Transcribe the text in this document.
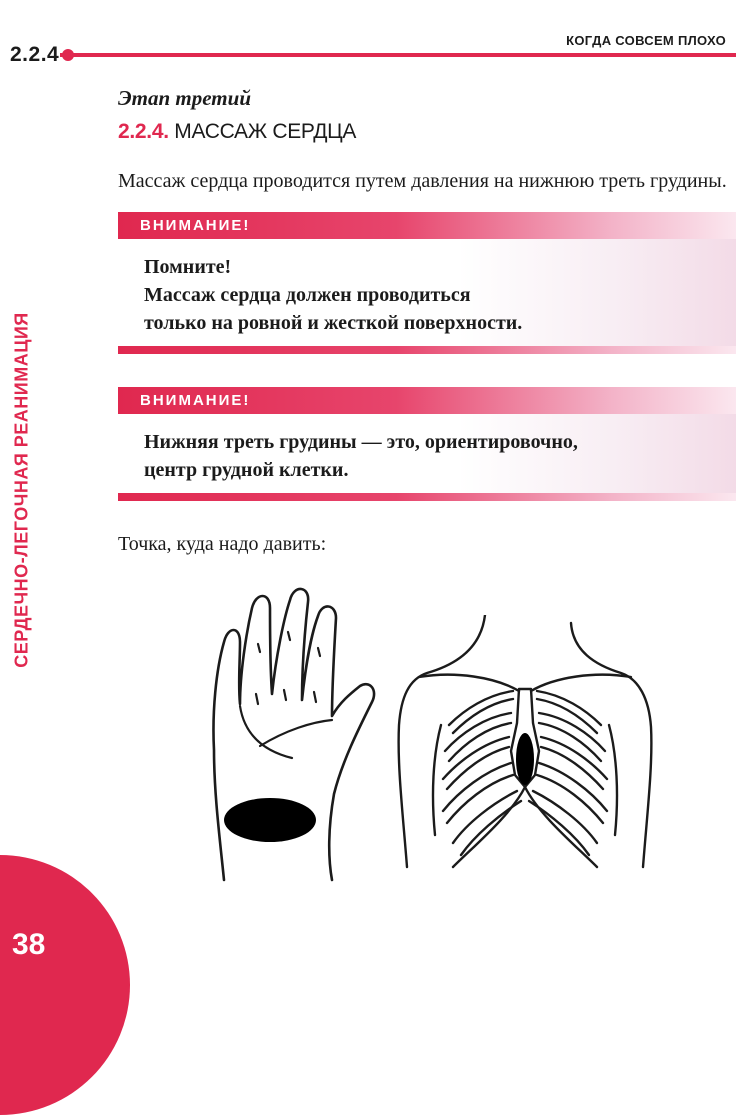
2.2.4
КОГДА СОВСЕМ ПЛОХО
Этап третий
2.2.4. МАССАЖ СЕРДЦА
Массаж сердца проводится путем давления на нижнюю треть грудины.
ВНИМАНИЕ!
Помните!
Массаж сердца должен проводиться
только на ровной и жесткой поверхности.
ВНИМАНИЕ!
Нижняя треть грудины — это, ориентировочно,
центр грудной клетки.
Точка, куда надо давить:
СЕРДЕЧНО-ЛЕГОЧНАЯ РЕАНИМАЦИЯ
38
